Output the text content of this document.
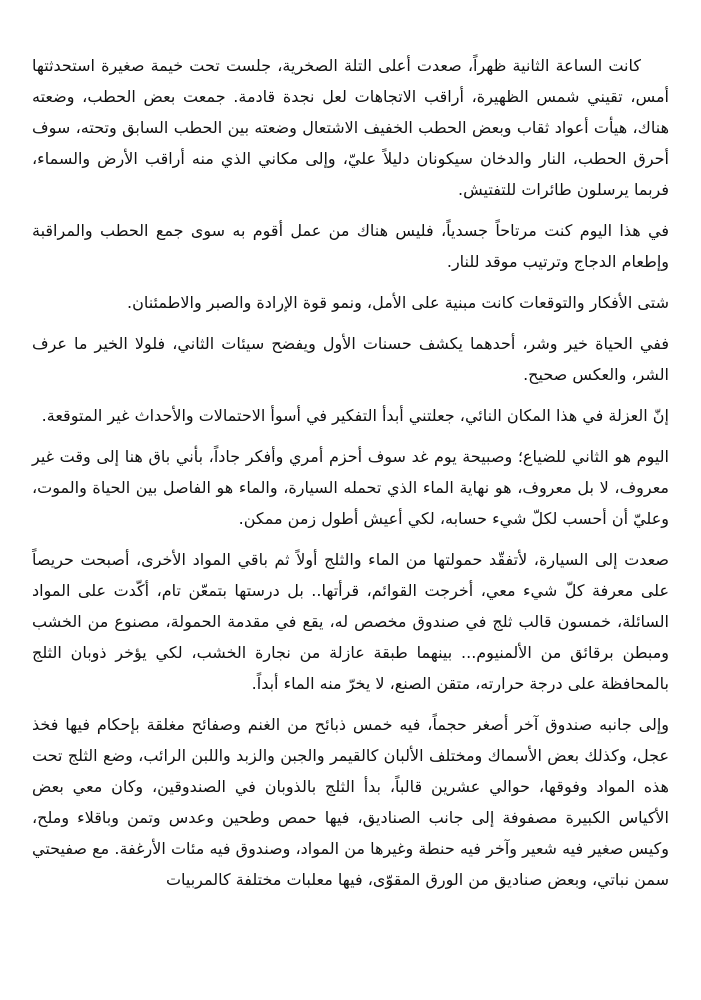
كانت الساعة الثانية ظهراً، صعدت أعلى التلة الصخرية، جلست تحت خيمة صغيرة استحدثتها أمس، تقيني شمس الظهيرة، أراقب الاتجاهات لعل نجدة قادمة. جمعت بعض الحطب، وضعته هناك، هيأت أعواد ثقاب وبعض الحطب الخفيف الاشتعال وضعته بين الحطب السابق وتحته، سوف أحرق الحطب، النار والدخان سيكونان دليلاً عليّ، وإلى مكاني الذي منه أراقب الأرض والسماء، فربما يرسلون طائرات للتفتيش.

في هذا اليوم كنت مرتاحاً جسدياً، فليس هناك من عمل أقوم به سوى جمع الحطب والمراقبة وإطعام الدجاج وترتيب موقد للنار.

شتى الأفكار والتوقعات كانت مبنية على الأمل، ونمو قوة الإرادة والصبر والاطمئنان.

ففي الحياة خير وشر، أحدهما يكشف حسنات الأول ويفضح سيئات الثاني، فلولا الخير ما عرف الشر، والعكس صحيح.

إنّ العزلة في هذا المكان النائي، جعلتني أبدأ التفكير في أسوأ الاحتمالات والأحداث غير المتوقعة.

اليوم هو الثاني للضياع؛ وصبيحة يوم غد سوف أحزم أمري وأفكر جاداً، بأني باق هنا إلى وقت غير معروف، لا بل معروف، هو نهاية الماء الذي تحمله السيارة، والماء هو الفاصل بين الحياة والموت، وعليّ أن أحسب لكلّ شيء حسابه، لكي أعيش أطول زمن ممكن.

صعدت إلى السيارة، لأتفقّد حمولتها من الماء والثلج أولاً ثم باقي المواد الأخرى، أصبحت حريصاً على معرفة كلّ شيء معي، أخرجت القوائم، قرأتها.. بل درستها بتمعّن تام، أكّدت على المواد السائلة، خمسون قالب ثلج في صندوق مخصص له، يقع في مقدمة الحمولة، مصنوع من الخشب ومبطن برقائق من الألمنيوم... بينهما طبقة عازلة من نجارة الخشب، لكي يؤخر ذوبان الثلج بالمحافظة على درجة حرارته، متقن الصنع، لا يخرّ منه الماء أبداً.

وإلى جانبه صندوق آخر أصغر حجماً، فيه خمس ذبائح من الغنم وصفائح مغلقة بإحكام فيها فخذ عجل، وكذلك بعض الأسماك ومختلف الألبان كالقيمر والجبن والزبد واللبن الرائب، وضع الثلج تحت هذه المواد وفوقها، حوالي عشرين قالباً، بدأ الثلج بالذوبان في الصندوقين، وكان معي بعض الأكياس الكبيرة مصفوفة إلى جانب الصناديق، فيها حمص وطحين وعدس وتمن وباقلاء وملح، وكيس صغير فيه شعير وآخر فيه حنطة وغيرها من المواد، وصندوق فيه مئات الأرغفة. مع صفيحتي سمن نباتي، وبعض صناديق من الورق المقوّى، فيها معلبات مختلفة كالمربيات
